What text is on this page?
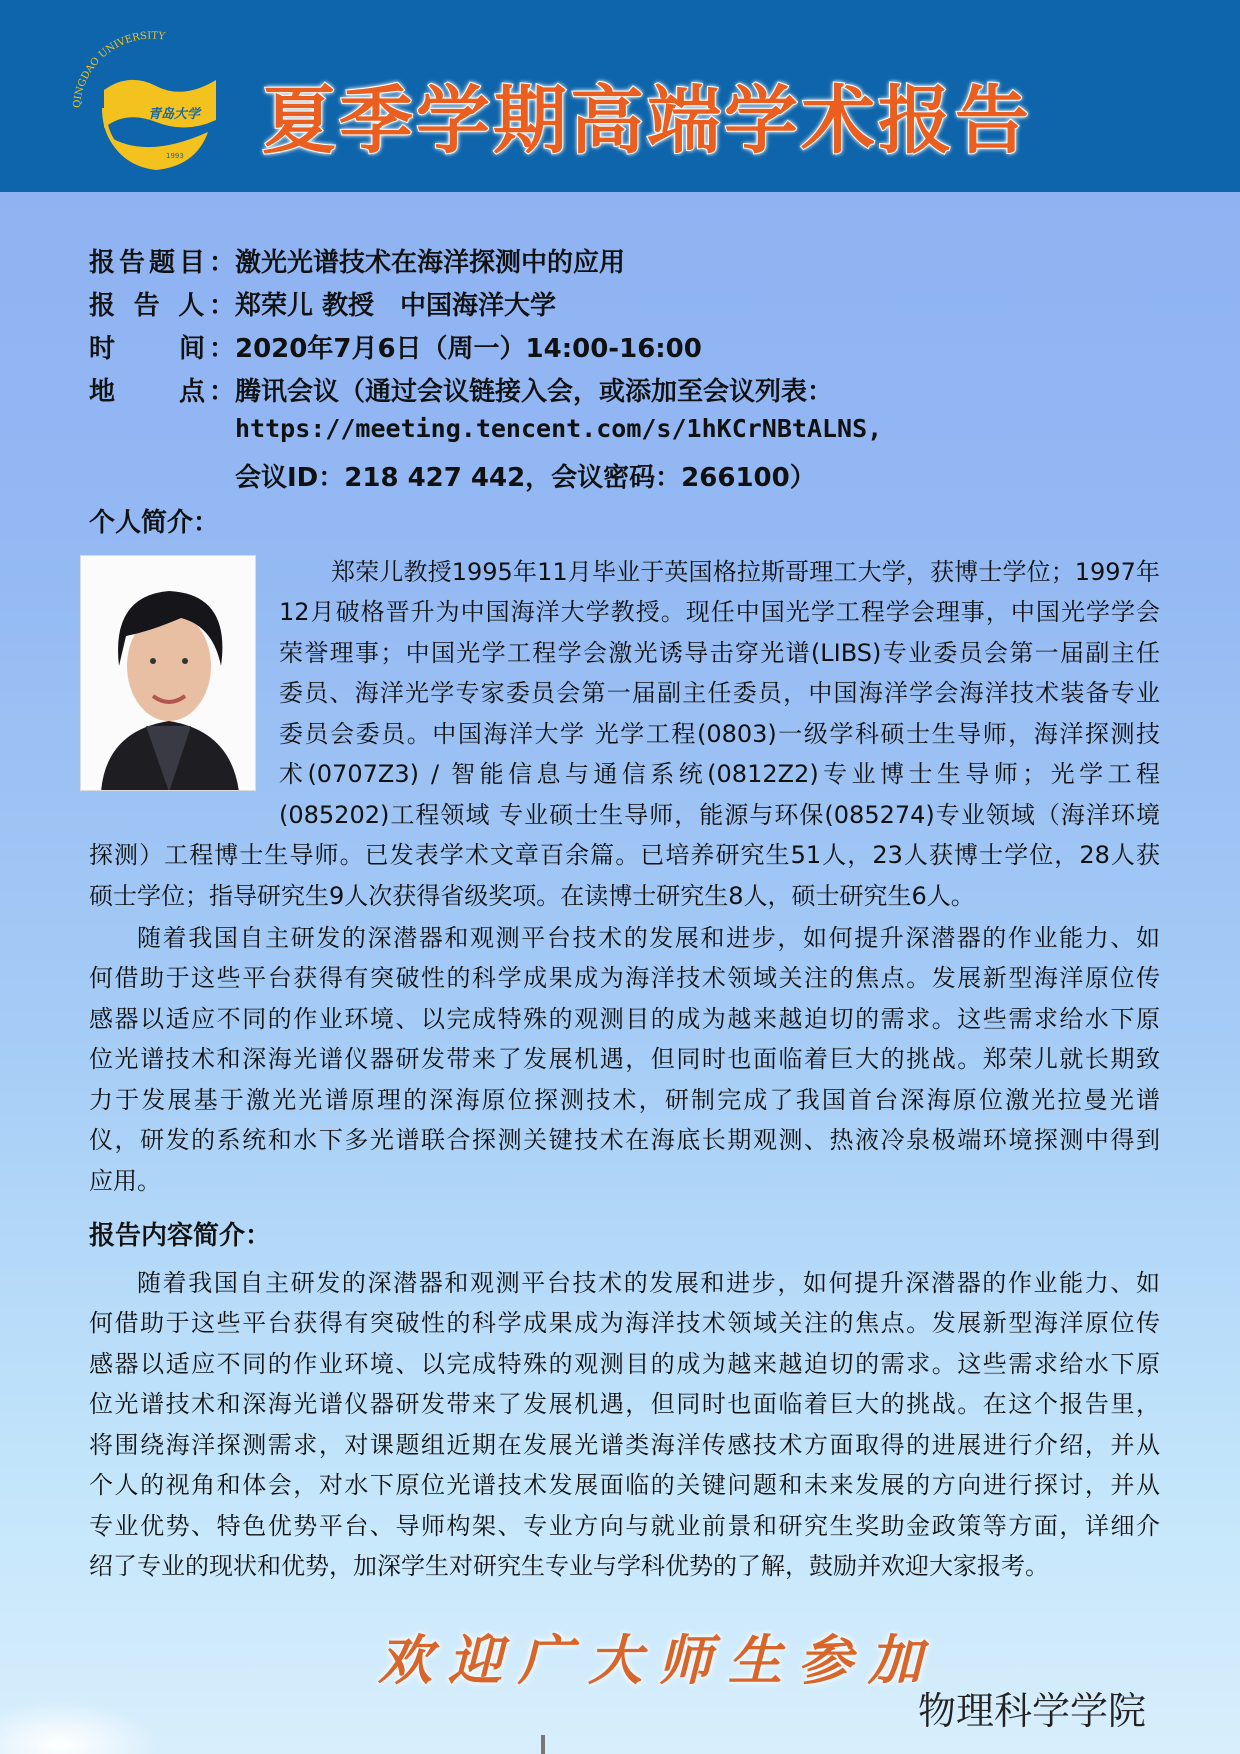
青岛大学
1993
QINGDAO UNIVERSITY
夏季学期高端学术报告
报告题目： 激光光谱技术在海洋探测中的应用
报 告 人： 郑荣儿 教授　中国海洋大学
时　　间： 2020年7月6日（周一）14:00-16:00
地　　点： 腾讯会议（通过会议链接入会，或添加至会议列表：
https://meeting.tencent.com/s/1hKCrNBtALNS,
会议ID：218 427 442，会议密码：266100）
个人简介：
郑荣儿教授1995年11月毕业于英国格拉斯哥理工大学，获博士学位；1997年
12月破格晋升为中国海洋大学教授。现任中国光学工程学会理事，中国光学学会
荣誉理事；中国光学工程学会激光诱导击穿光谱(LIBS)专业委员会第一届副主任
委员、海洋光学专家委员会第一届副主任委员，中国海洋学会海洋技术装备专业
委员会委员。中国海洋大学 光学工程(0803)一级学科硕士生导师，海洋探测技
术(0707Z3) / 智能信息与通信系统(0812Z2)专业博士生导师；光学工程
(085202)工程领域 专业硕士生导师，能源与环保(085274)专业领域（海洋环境
探测）工程博士生导师。已发表学术文章百余篇。已培养研究生51人，23人获博士学位，28人获
硕士学位；指导研究生9人次获得省级奖项。在读博士研究生8人，硕士研究生6人。
随着我国自主研发的深潜器和观测平台技术的发展和进步，如何提升深潜器的作业能力、如
何借助于这些平台获得有突破性的科学成果成为海洋技术领域关注的焦点。发展新型海洋原位传
感器以适应不同的作业环境、以完成特殊的观测目的成为越来越迫切的需求。这些需求给水下原
位光谱技术和深海光谱仪器研发带来了发展机遇，但同时也面临着巨大的挑战。郑荣儿就长期致
力于发展基于激光光谱原理的深海原位探测技术，研制完成了我国首台深海原位激光拉曼光谱
仪，研发的系统和水下多光谱联合探测关键技术在海底长期观测、热液冷泉极端环境探测中得到
应用。
报告内容简介：
随着我国自主研发的深潜器和观测平台技术的发展和进步，如何提升深潜器的作业能力、如
何借助于这些平台获得有突破性的科学成果成为海洋技术领域关注的焦点。发展新型海洋原位传
感器以适应不同的作业环境、以完成特殊的观测目的成为越来越迫切的需求。这些需求给水下原
位光谱技术和深海光谱仪器研发带来了发展机遇，但同时也面临着巨大的挑战。在这个报告里，
将围绕海洋探测需求，对课题组近期在发展光谱类海洋传感技术方面取得的进展进行介绍，并从
个人的视角和体会，对水下原位光谱技术发展面临的关键问题和未来发展的方向进行探讨，并从
专业优势、特色优势平台、导师构架、专业方向与就业前景和研究生奖助金政策等方面，详细介
绍了专业的现状和优势，加深学生对研究生专业与学科优势的了解，鼓励并欢迎大家报考。
欢迎广大师生参加
物理科学学院
